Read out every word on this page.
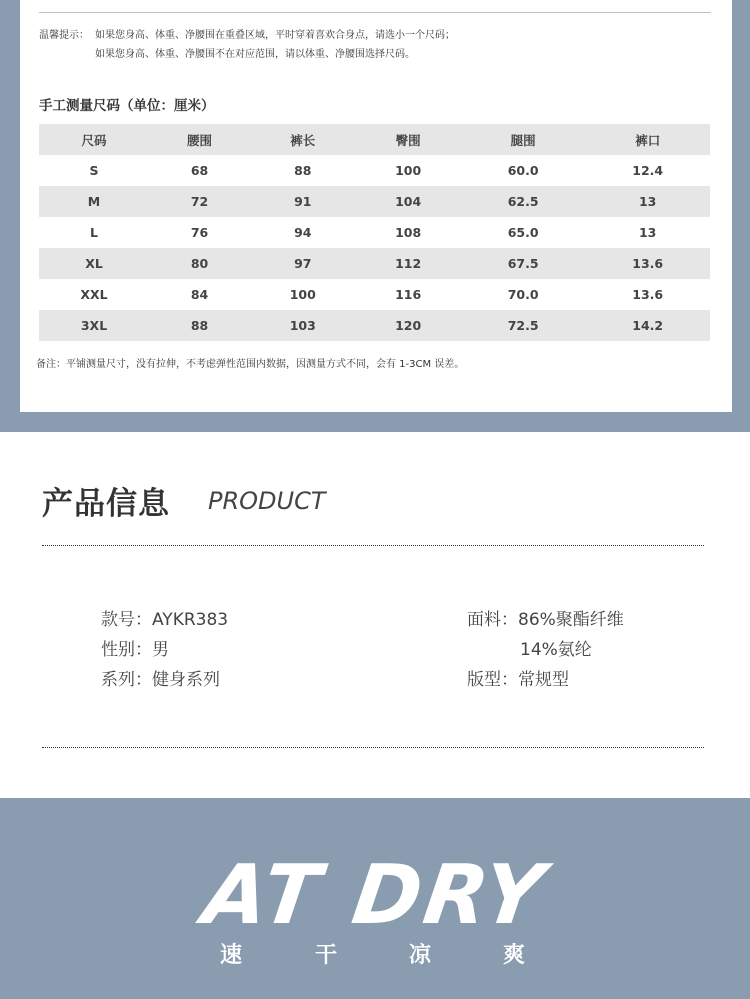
温馨提示： 如果您身高、体重、净腰围在重叠区域，平时穿着喜欢合身点，请选小一个尺码；
如果您身高、体重、净腰围不在对应范围，请以体重、净腰围选择尺码。
手工测量尺码（单位：厘米）
尺码	腰围	裤长	臀围	腿围	裤口
S	68	88	100	60.0	12.4
M	72	91	104	62.5	13
L	76	94	108	65.0	13
XL	80	97	112	67.5	13.6
XXL	84	100	116	70.0	13.6
3XL	88	103	120	72.5	14.2
备注：平铺测量尺寸，没有拉伸，不考虑弹性范围内数据，因测量方式不同，会有 1-3CM 误差。
产品信息 PRODUCT
款号：AYKR383
性别：男
系列：健身系列
面料：86%聚酯纤维
14%氨纶
版型：常规型
AT DRY
速	干	凉	爽
